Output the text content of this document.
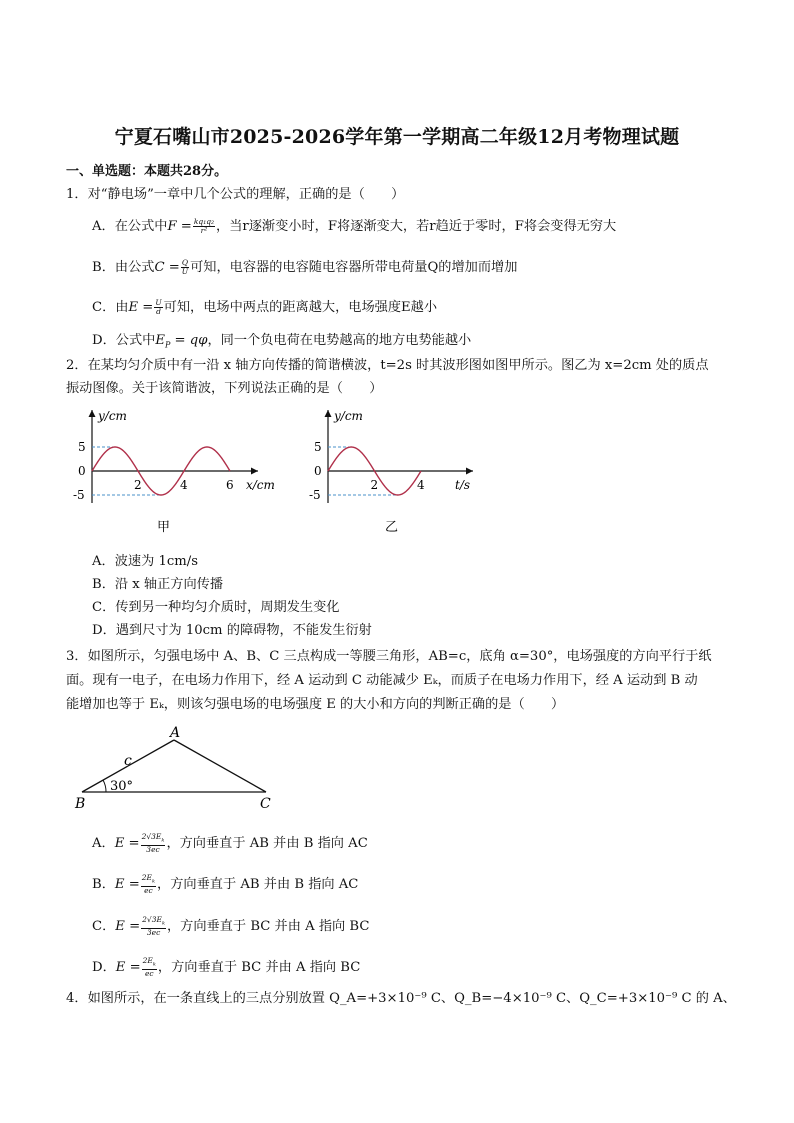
宁夏石嘴山市2025-2026学年第一学期高二年级12月考物理试题
一、单选题：本题共28分。
1．对“静电场”一章中几个公式的理解，正确的是（　　）
A．在公式中$F = \frac{\text{kq₁q₂}}{\text{r²}}$ ，当r逐渐变小时，F将逐渐变大，若r趋近于零时，F将会变得无穷大
B．由公式$C = \frac{Q}{U}$ 可知，电容器的电容随电容器所带电荷量Q的增加而增加
C．由$E = \frac{U}{d}$ 可知，电场中两点的距离越大，电场强度E越小
D．公式中$E_P = q\varphi$，同一个负电荷在电势越高的地方电势能越小
2．在某均匀介质中有一沿 x 轴方向传播的简谐横波，t=2s 时其波形图如图甲所示。图乙为 x=2cm 处的质点
振动图像。关于该简谐波，下列说法正确的是（　　）
5
0
-5
2	4	6
y/cm
x/cm
甲
5
0
-5
2	4
y/cm
t/s
乙
A．波速为 1cm/s
B．沿 x 轴正方向传播
C．传到另一种均匀介质时，周期发生变化
D．遇到尺寸为 10cm 的障碍物，不能发生衍射
3．如图所示，匀强电场中 A、B、C 三点构成一等腰三角形，AB=c，底角 α=30°，电场强度的方向平行于纸
面。现有一电子，在电场力作用下，经 A 运动到 C 动能减少 Eₖ，而质子在电场力作用下，经 A 运动到 B 动
能增加也等于 Eₖ，则该匀强电场的电场强度 E 的大小和方向的判断正确的是（　　）
A
B	C
c
30°
A．$E = \frac{2√3E_k}{3ec}$ ，方向垂直于 AB 并由 B 指向 AC
B．$E = \frac{2E_k}{ec}$ ，方向垂直于 AB 并由 B 指向 AC
C．$E = \frac{2√3E_k}{3ec}$ ，方向垂直于 BC 并由 A 指向 BC
D．$E = \frac{2E_k}{ec}$ ，方向垂直于 BC 并由 A 指向 BC
4．如图所示，在一条直线上的三点分别放置 Q_A=+3×10⁻⁹ C、Q_B=−4×10⁻⁹ C、Q_C=+3×10⁻⁹ C 的 A、
